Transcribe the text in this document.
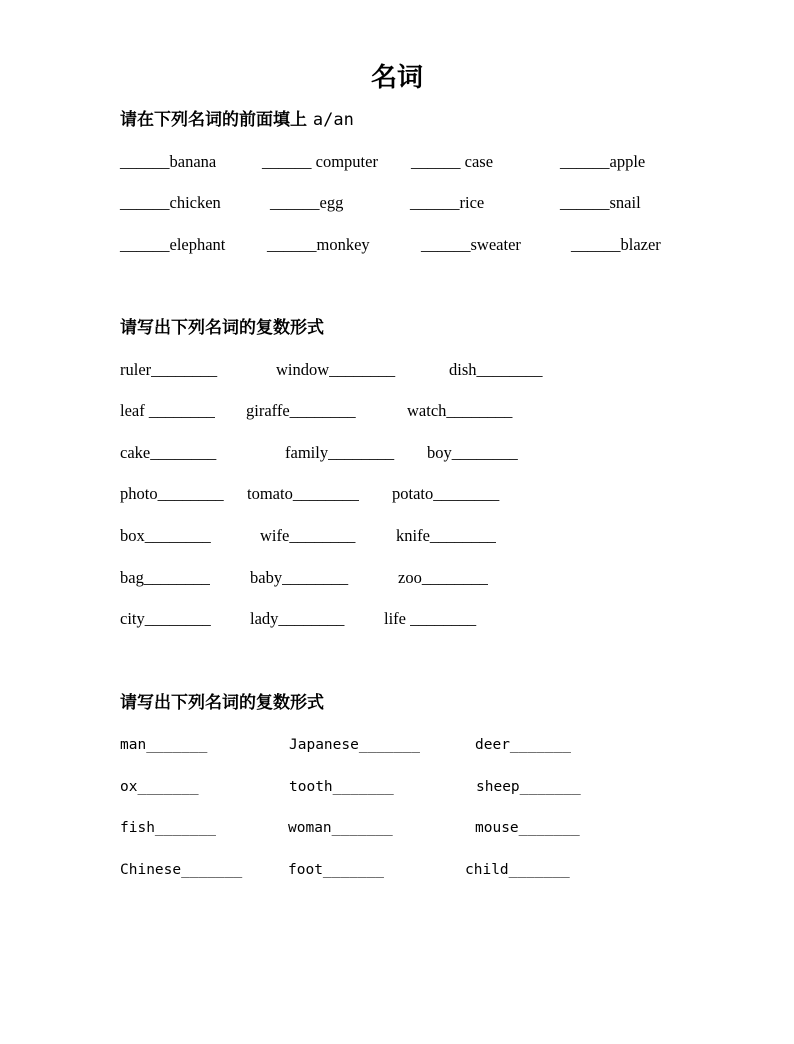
名词
请在下列名词的前面填上 a/an
______banana	______ computer ______ case	______apple
______chicken	______egg	______rice	______snail
______elephant	______monkey	______sweater	______blazer
请写出下列名词的复数形式
ruler________	window________	dish________
leaf ________ giraffe________	watch________
cake________	family________ boy________
photo________ tomato________ potato________
box________	wife________ knife________
bag________ baby________	zoo________
city________ lady________ life ________
请写出下列名词的复数形式
man_______	Japanese_______	deer_______
ox_______	tooth_______	sheep_______
fish_______	woman_______	mouse_______
Chinese_______	foot_______	child_______
